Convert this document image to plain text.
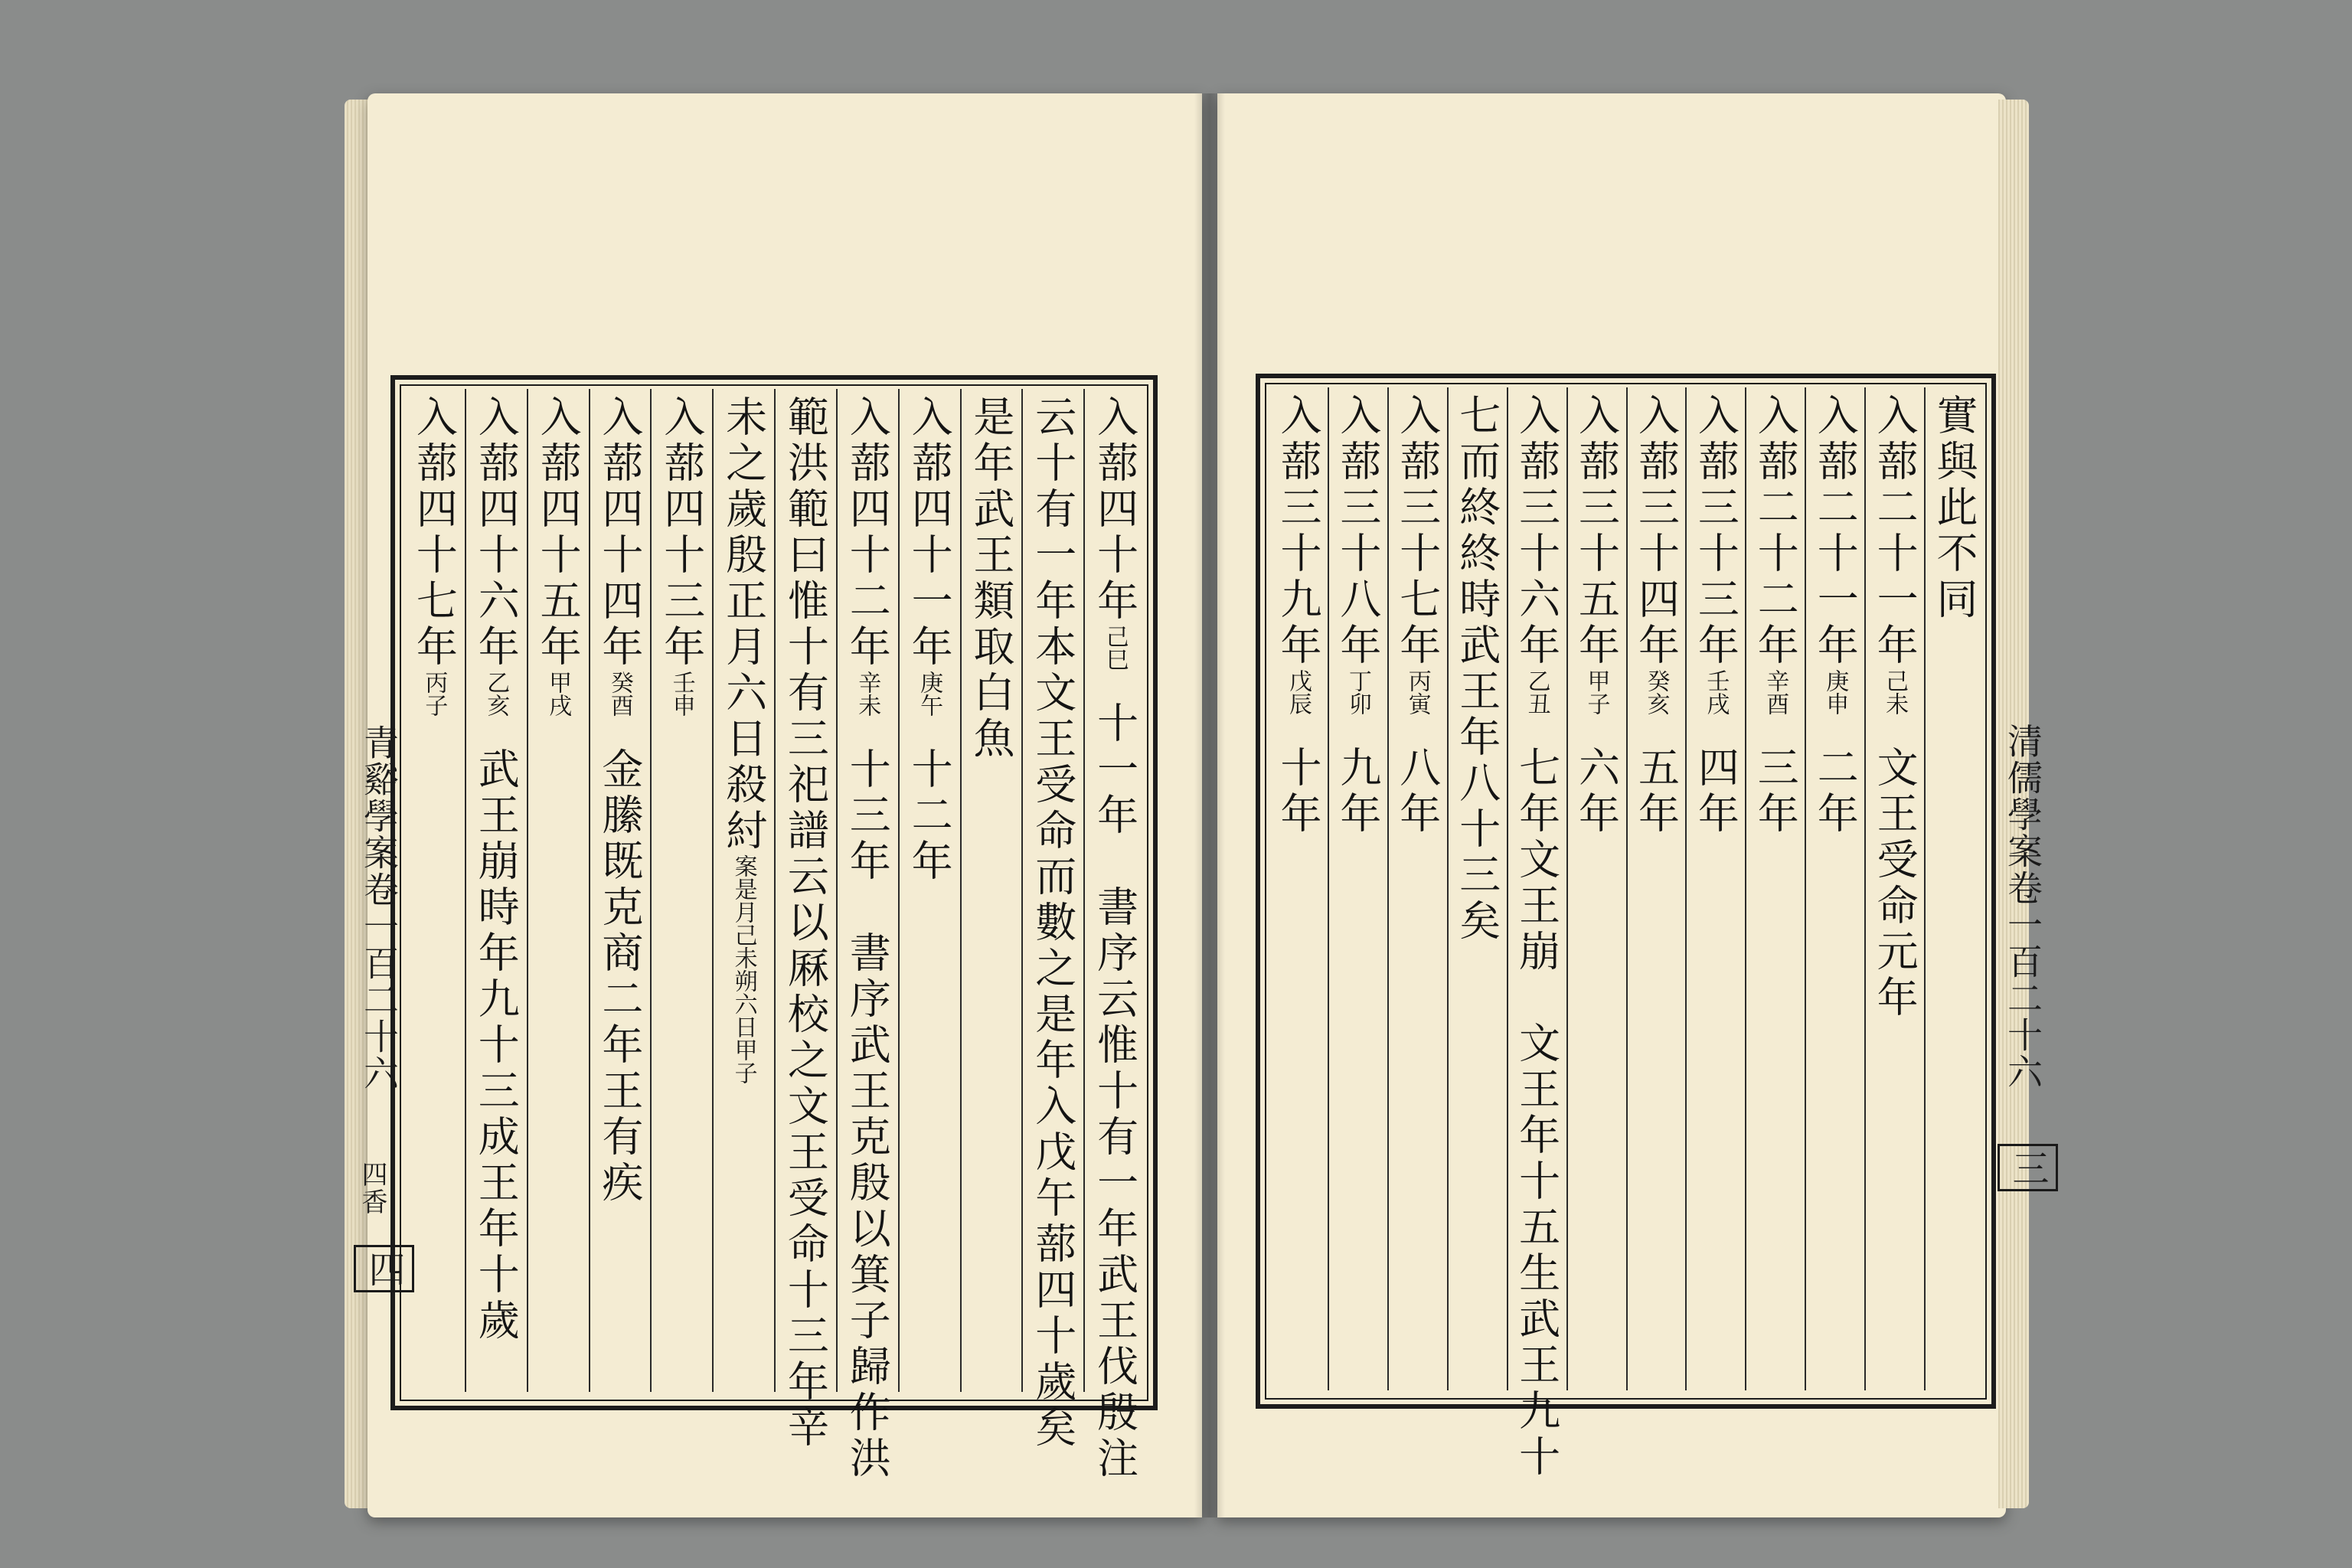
青谿學案卷一百二十六
四香
四
入蔀四十年己巳十一年　書序云惟十有一年武王伐殷注
云十有一年本文王受命而數之是年入戊午蔀四十歲矣
是年武王類取白魚
入蔀四十一年庚午十二年
入蔀四十二年辛未十三年　書序武王克殷以箕子歸作洪
範洪範曰惟十有三祀譜云以厤校之文王受命十三年辛
未之歲殷正月六日殺紂案是月己未朔六日甲子
入蔀四十三年壬申
入蔀四十四年癸酉金縢既克商二年王有疾
入蔀四十五年甲戌
入蔀四十六年乙亥武王崩時年九十三成王年十歲
入蔀四十七年丙子
清儒學案卷一百二十六
三
實與此不同
入蔀二十一年己未文王受命元年
入蔀二十一年庚申二年
入蔀二十二年辛酉三年
入蔀三十三年壬戌四年
入蔀三十四年癸亥五年
入蔀三十五年甲子六年
入蔀三十六年乙丑七年文王崩　文王年十五生武王九十
七而終終時武王年八十三矣
入蔀三十七年丙寅八年
入蔀三十八年丁卯九年
入蔀三十九年戊辰十年
